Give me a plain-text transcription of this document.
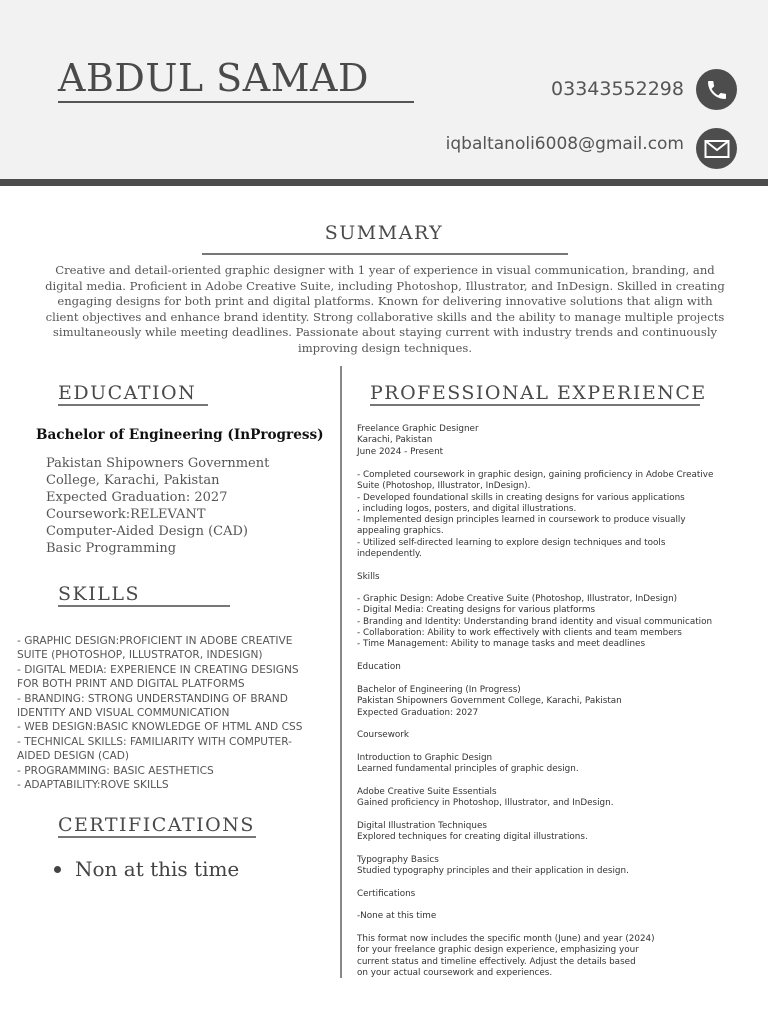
ABDUL SAMAD	03343552298
iqbaltanoli6008@gmail.com
SUMMARY

Creative and detail-oriented graphic designer with 1 year of experience in visual communication, branding, and digital media. Proficient in Adobe Creative Suite, including Photoshop, Illustrator, and InDesign. Skilled in creating engaging designs for both print and digital platforms. Known for delivering innovative solutions that align with client objectives and enhance brand identity. Strong collaborative skills and the ability to manage multiple projects simultaneously while meeting deadlines. Passionate about staying current with industry trends and continuously improving design techniques.

EDUCATION
Bachelor of Engineering (InProgress)
Pakistan Shipowners Government
College, Karachi, Pakistan
Expected Graduation: 2027
Coursework:RELEVANT
Computer-Aided Design (CAD)
Basic Programming
SKILLS
- GRAPHIC DESIGN:PROFICIENT IN ADOBE CREATIVE
SUITE (PHOTOSHOP, ILLUSTRATOR, INDESIGN)
- DIGITAL MEDIA: EXPERIENCE IN CREATING DESIGNS
FOR BOTH PRINT AND DIGITAL PLATFORMS
- BRANDING: STRONG UNDERSTANDING OF BRAND
IDENTITY AND VISUAL COMMUNICATION
- WEB DESIGN:BASIC KNOWLEDGE OF HTML AND CSS
- TECHNICAL SKILLS: FAMILIARITY WITH COMPUTER-
AIDED DESIGN (CAD)
- PROGRAMMING: BASIC AESTHETICS
- ADAPTABILITY:ROVE SKILLS
CERTIFICATIONS
Non at this time
PROFESSIONAL EXPERIENCE
Freelance Graphic Designer
Karachi, Pakistan
June 2024 - Present
- Completed coursework in graphic design, gaining proficiency in Adobe Creative
Suite (Photoshop, Illustrator, InDesign).
- Developed foundational skills in creating designs for various applications
, including logos, posters, and digital illustrations.
- Implemented design principles learned in coursework to produce visually
appealing graphics.
- Utilized self-directed learning to explore design techniques and tools
independently.
Skills
- Graphic Design: Adobe Creative Suite (Photoshop, Illustrator, InDesign)
- Digital Media: Creating designs for various platforms
- Branding and Identity: Understanding brand identity and visual communication
- Collaboration: Ability to work effectively with clients and team members
- Time Management: Ability to manage tasks and meet deadlines
Education
Bachelor of Engineering (In Progress)
Pakistan Shipowners Government College, Karachi, Pakistan
Expected Graduation: 2027
Coursework
Introduction to Graphic Design
Learned fundamental principles of graphic design.
Adobe Creative Suite Essentials
Gained proficiency in Photoshop, Illustrator, and InDesign.
Digital Illustration Techniques
Explored techniques for creating digital illustrations.
Typography Basics
Studied typography principles and their application in design.
Certifications
-None at this time
This format now includes the specific month (June) and year (2024)
for your freelance graphic design experience, emphasizing your
current status and timeline effectively. Adjust the details based
on your actual coursework and experiences.
